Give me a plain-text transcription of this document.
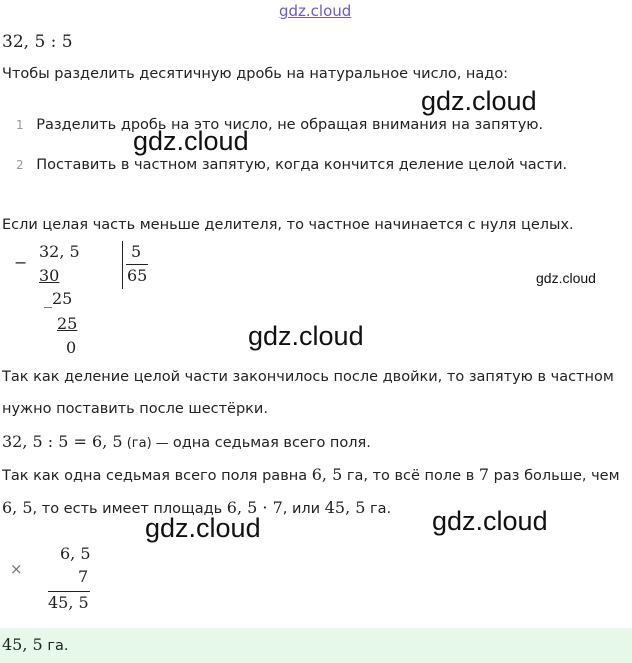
gdz.cloud
32, 5 : 5
Чтобы разделить десятичную дробь на натуральное число, надо:
gdz.cloud
1 Разделить дробь на это число, не обращая внимания на запятую.
gdz.cloud
2 Поставить в частном запятую, когда кончится деление целой части.
Если целая часть меньше делителя, то частное начинается с нуля целых.
−
32, 5
30
_25
25
0
5
65	gdz.cloud
gdz.cloud
Так как деление целой части закончилось после двойки, то запятую в частном
нужно поставить после шестёрки.
32, 5 : 5 = 6, 5 (га) — одна седьмая всего поля.
Так как одна седьмая всего поля равна 6, 5 га, то всё поле в 7 раз больше, чем
6, 5, то есть имеет площадь 6, 5 · 7, или 45, 5 га.
gdz.cloud	gdz.cloud
×
6, 5
7
45, 5
45, 5 га.
